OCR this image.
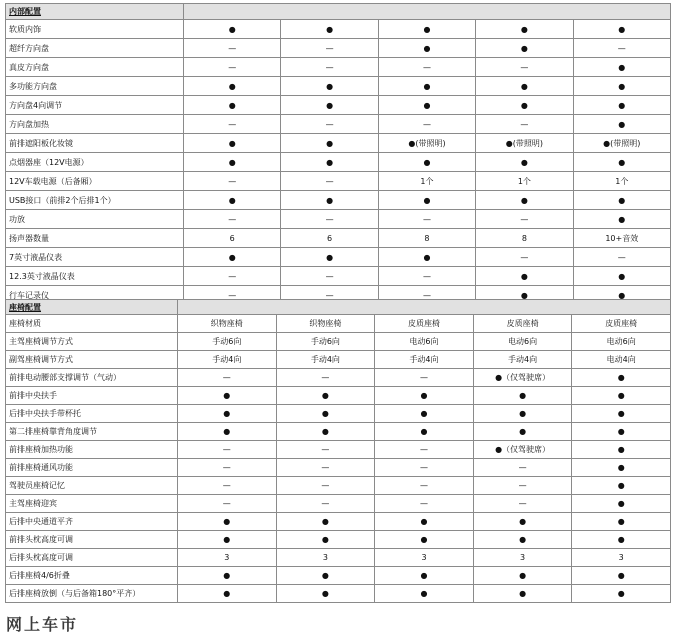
内部配置					
软质内饰	●	●	●	●	●
超纤方向盘	—	—	●	●	—
真皮方向盘	—	—	—	—	●
多功能方向盘	●	●	●	●	●
方向盘4向调节	●	●	●	●	●
方向盘加热	—	—	—	—	●
前排遮阳板化妆镜	●	●	●(带照明)	●(带照明)	●(带照明)
点烟器座（12V电源）	●	●	●	●	●
12V车载电源（后备厢）	—	—	1个	1个	1个
USB接口（前排2个后排1个）	●	●	●	●	●
功放	—	—	—	—	●
扬声器数量	6	6	8	8	10+音效
7英寸液晶仪表	●	●	●	—	—
12.3英寸液晶仪表	—	—	—	●	●
行车记录仪	—	—	—	●	●
座椅配置					
座椅材质	织物座椅	织物座椅	皮质座椅	皮质座椅	皮质座椅
主驾座椅调节方式	手动6向	手动6向	电动6向	电动6向	电动6向
副驾座椅调节方式	手动4向	手动4向	手动4向	手动4向	电动4向
前排电动腰部支撑调节（气动）	—	—	—	●（仅驾驶席）	●
前排中央扶手	●	●	●	●	●
后排中央扶手带杯托	●	●	●	●	●
第二排座椅靠背角度调节	●	●	●	●	●
前排座椅加热功能	—	—	—	●（仅驾驶席）	●
前排座椅通风功能	—	—	—	—	●
驾驶员座椅记忆	—	—	—	—	●
主驾座椅迎宾	—	—	—	—	●
后排中央通道平齐	●	●	●	●	●
前排头枕高度可调	●	●	●	●	●
后排头枕高度可调	3	3	3	3	3
后排座椅4/6折叠	●	●	●	●	●
后排座椅放倒（与后备箱180°平齐）	●	●	●	●	●
网上车市
